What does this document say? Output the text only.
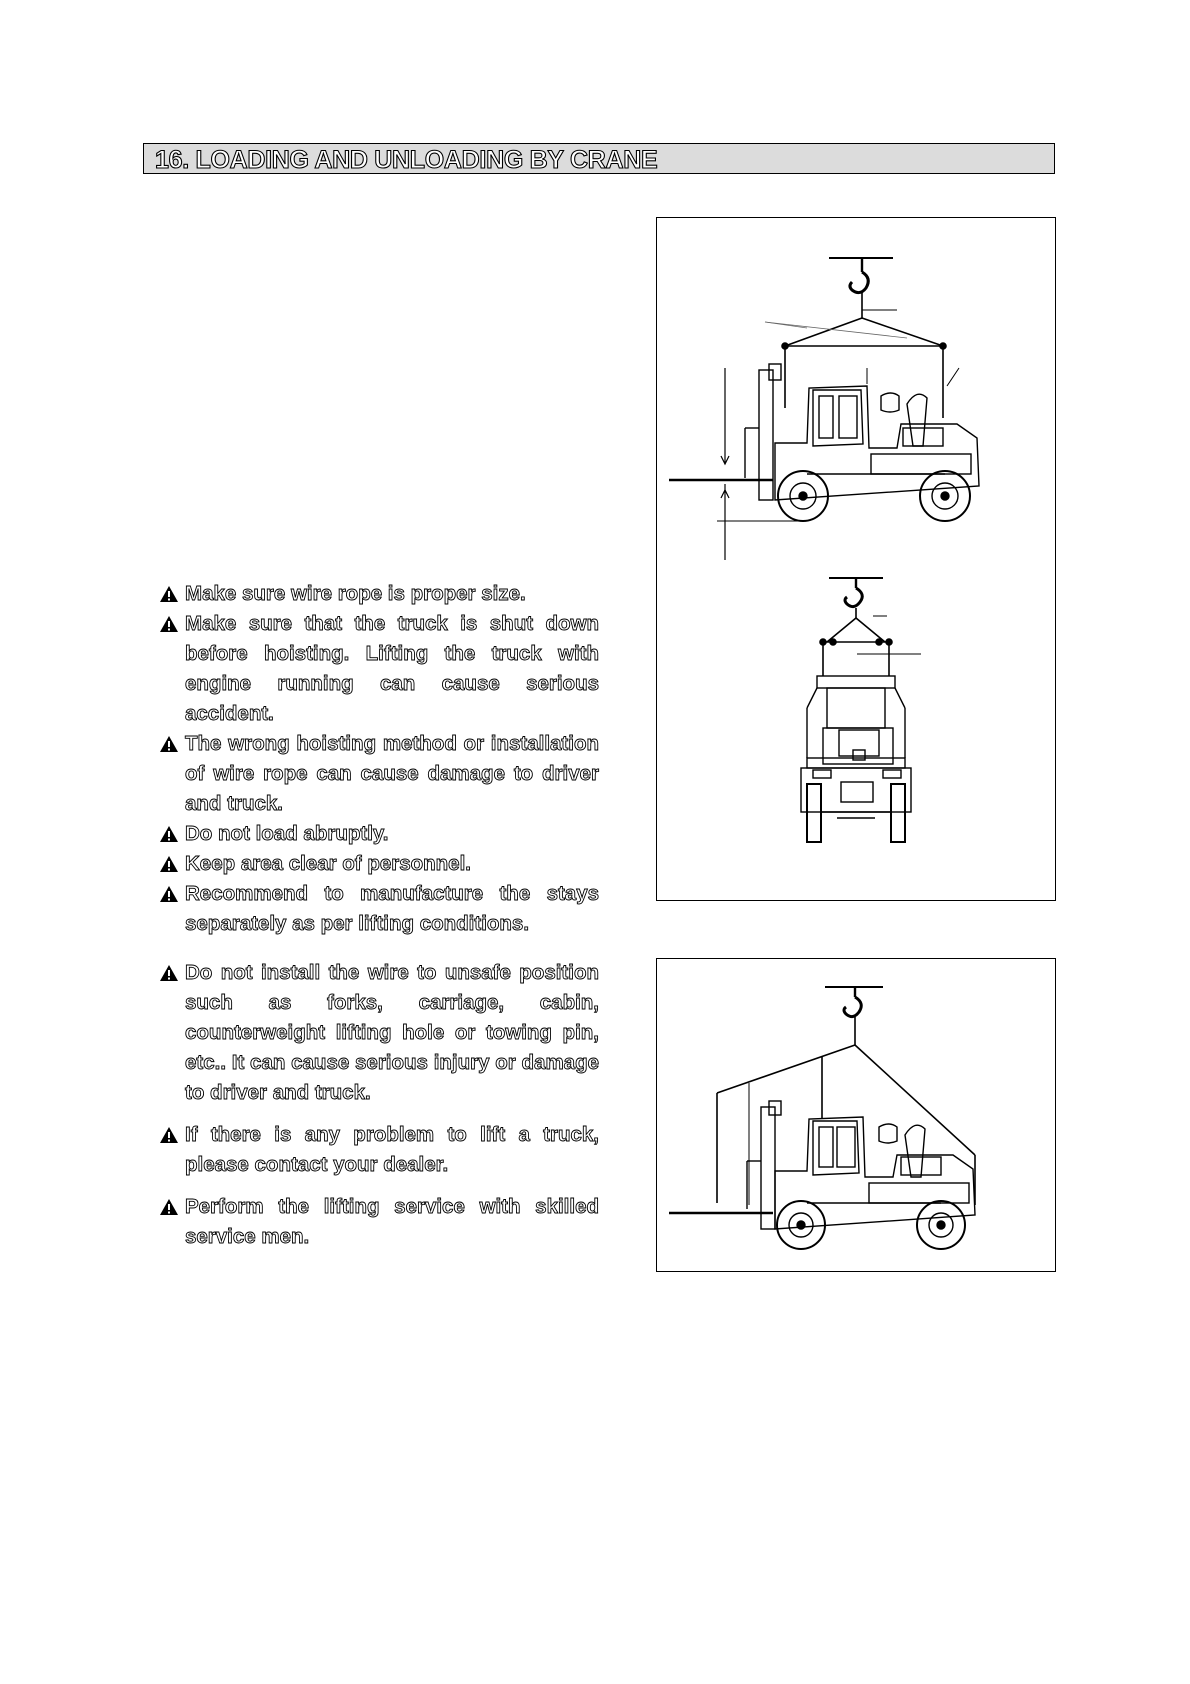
16. LOADING AND UNLOADING BY CRANE
Make sure wire rope is proper size.
Make sure that the truck is shut down before hoisting. Lifting the truck with engine running can cause serious accident.
The wrong hoisting method or installation of wire rope can cause damage to driver and truck.
Do not load abruptly.
Keep area clear of personnel.
Recommend to manufacture the stays separately as per lifting conditions.
Do not install the wire to unsafe position such as forks, carriage, cabin, counterweight lifting hole or towing pin, etc.. It can cause serious injury or damage to driver and truck.
If there is any problem to lift a truck, please contact your dealer.
Perform the lifting service with skilled service men.
